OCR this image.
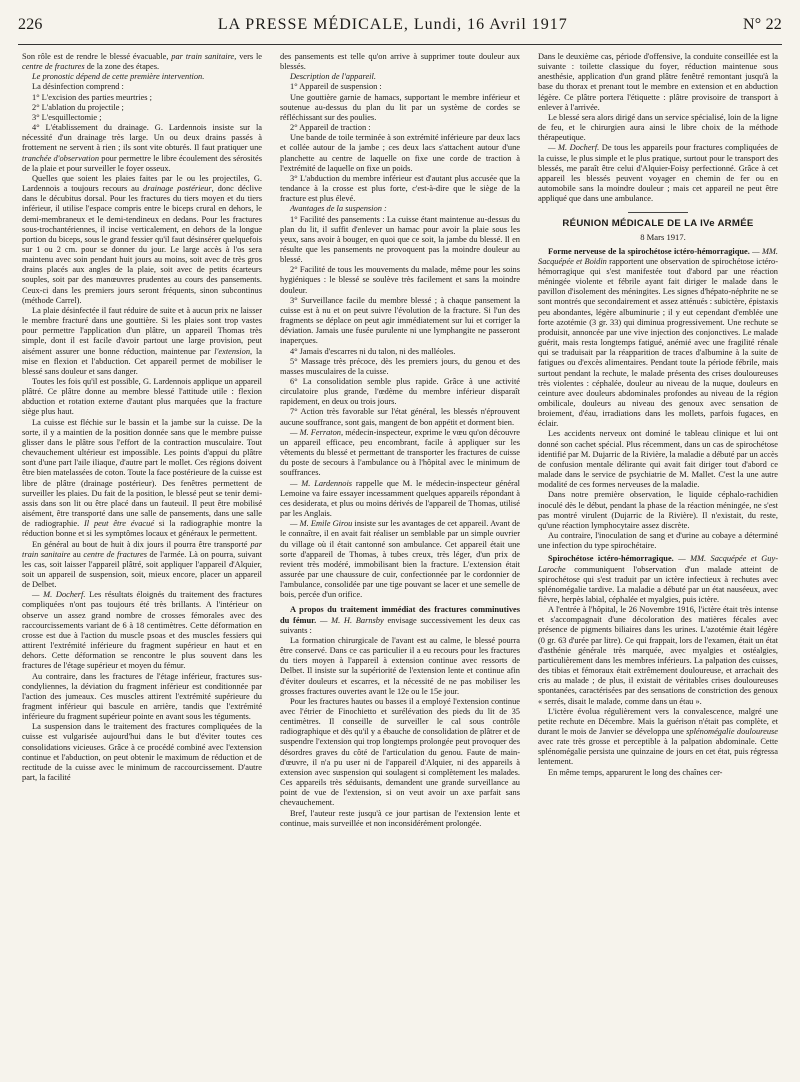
226	LA PRESSE MÉDICALE, Lundi, 16 Avril 1917	N° 22

Son rôle est de rendre le blessé évacuable, par train sanitaire, vers le centre de fractures de la zone des étapes.

Le pronostic dépend de cette première intervention.

La désinfection comprend :

1° L'excision des parties meurtries ;

2° L'ablation du projectile ;

3° L'esquillectomie ;

4° L'établissement du drainage. G. Lardennois insiste sur la nécessité d'un drainage très large. Un ou deux drains passés à frottement ne servent à rien ; ils sont vite obturés. Il faut pratiquer une tranchée d'observation pour permettre le libre écoulement des sérosités de la plaie et pour surveiller le foyer osseux.

Quelles que soient les plaies faites par le ou les projectiles, G. Lardennois a toujours recours au drainage postérieur, donc déclive dans le décubitus dorsal. Pour les fractures du tiers moyen et du tiers inférieur, il utilise l'espace compris entre le biceps crural en dehors, le demi-membraneux et le demi-tendineux en dedans. Pour les fractures sous-trochantériennes, il incise verticalement, en dehors de la longue portion du biceps, sous le grand fessier qu'il faut désinsérer quelquefois sur 1 ou 2 cm. pour se donner du jour. Le large accès à l'os sera maintenu avec soin pendant huit jours au moins, soit avec de très gros drains placés aux angles de la plaie, soit avec de petits écarteurs souples, soit par des manœuvres prudentes au cours des pansements. Ceux-ci dans les premiers jours seront fréquents, sinon subcontinus (méthode Carrel).

La plaie désinfectée il faut réduire de suite et à aucun prix ne laisser le membre fracturé dans une gouttière. Si les plaies sont trop vastes pour permettre l'application d'un plâtre, un appareil Thomas très simple, dont il est facile d'avoir partout une large provision, peut aisément assurer une bonne réduction, maintenue par l'extension, la mise en flexion et l'abduction. Cet appareil permet de mobiliser le blessé sans douleur et sans danger.

Toutes les fois qu'il est possible, G. Lardennois applique un appareil plâtré. Ce plâtre donne au membre blessé l'attitude utile : flexion abduction et rotation externe d'autant plus marquées que la fracture siège plus haut.

La cuisse est fléchie sur le bassin et la jambe sur la cuisse. De la sorte, il y a maintien de la position donnée sans que le membre puisse glisser dans le plâtre sous l'effort de la contraction musculaire. Tout chevauchement ultérieur est impossible. Les points d'appui du plâtre sont d'une part l'aile iliaque, d'autre part le mollet. Ces régions doivent être bien matelassées de coton. Toute la face postérieure de la cuisse est libre de plâtre (drainage postérieur). Des fenêtres permettent de surveiller les plaies. Du fait de la position, le blessé peut se tenir demi-assis dans son lit ou être placé dans un fauteuil. Il peut être mobilisé aisément, être transporté dans une salle de pansements, dans une salle de radiographie. Il peut être évacué si la radiographie montre la réduction bonne et si les symptômes locaux et généraux le permettent.

En général au bout de huit à dix jours il pourra être transporté par train sanitaire au centre de fractures de l'armée. Là on pourra, suivant les cas, soit laisser l'appareil plâtré, soit appliquer l'appareil d'Alquier, soit un appareil de suspension, soit, mieux encore, placer un appareil de Delbet.

— M. Docherf. Les résultats éloignés du traitement des fractures compliquées n'ont pas toujours été très brillants. A l'intérieur on observe un assez grand nombre de crosses fémorales avec des raccourcissements variant de 6 à 18 centimètres. Cette déformation en crosse est due à l'action du muscle psoas et des muscles fessiers qui attirent l'extrémité inférieure du fragment supérieur en haut et en dehors. Cette déformation se rencontre le plus souvent dans les fractures de l'étage supérieur et moyen du fémur.

Au contraire, dans les fractures de l'étage inférieur, fractures sus-condyliennes, la déviation du fragment inférieur est conditionnée par l'action des jumeaux. Ces muscles attirent l'extrémité supérieure du fragment inférieur qui bascule en arrière, tandis que l'extrémité inférieure du fragment supérieur pointe en avant sous les téguments.

La suspension dans le traitement des fractures compliquées de la cuisse est vulgarisée aujourd'hui dans le but d'éviter toutes ces consolidations vicieuses. Grâce à ce procédé combiné avec l'extension continue et l'abduction, on peut obtenir le maximum de réduction et de rectitude de la cuisse avec le minimum de raccourcissement. D'autre part, la facilité

des pansements est telle qu'on arrive à supprimer toute douleur aux blessés.

Description de l'appareil.

1° Appareil de suspension :

Une gouttière garnie de hamacs, supportant le membre inférieur et soutenue au-dessus du plan du lit par un système de cordes se réfléchissant sur des poulies.

2° Appareil de traction :

Une bande de toile terminée à son extrémité inférieure par deux lacs et collée autour de la jambe ; ces deux lacs s'attachent autour d'une planchette au centre de laquelle on fixe une corde de traction à l'extrémité de laquelle on fixe un poids.

3° L'abduction du membre inférieur est d'autant plus accusée que la tendance à la crosse est plus forte, c'est-à-dire que le siège de la fracture est plus élevé.

Avantages de la suspension :

1° Facilité des pansements : La cuisse étant maintenue au-dessus du plan du lit, il suffit d'enlever un hamac pour avoir la plaie sous les yeux, sans avoir à bouger, en quoi que ce soit, la jambe du blessé. Il en résulte que les pansements ne provoquent pas la moindre douleur au blessé.

2° Facilité de tous les mouvements du malade, même pour les soins hygiéniques : le blessé se soulève très facilement et sans la moindre douleur.

3° Surveillance facile du membre blessé ; à chaque pansement la cuisse est à nu et on peut suivre l'évolution de la fracture. Si l'un des fragments se déplace on peut agir immédiatement sur lui et corriger la déviation. Jamais une fusée purulente ni une lymphangite ne passeront inaperçues.

4° Jamais d'escarres ni du talon, ni des malléoles.

5° Massage très précoce, dès les premiers jours, du genou et des masses musculaires de la cuisse.

6° La consolidation semble plus rapide. Grâce à une activité circulatoire plus grande, l'œdème du membre inférieur disparaît rapidement, en deux ou trois jours.

7° Action très favorable sur l'état général, les blessés n'éprouvent aucune souffrance, sont gais, mangent de bon appétit et dorment bien.

— M. Ferraton, médecin-inspecteur, exprime le vœu qu'on découvre un appareil efficace, peu encombrant, facile à appliquer sur les vêtements du blessé et permettant de transporter les fractures de cuisse du poste de secours à l'ambulance ou à l'hôpital avec le minimum de souffrances.

— M. Lardennois rappelle que M. le médecin-inspecteur général Lemoine va faire essayer incessamment quelques appareils répondant à ces desiderata, et plus ou moins dérivés de l'appareil de Thomas, utilisé par les Anglais.

— M. Emile Girou insiste sur les avantages de cet appareil. Avant de le connaître, il en avait fait réaliser un semblable par un simple ouvrier du village où il était cantonné son ambulance. Cet appareil était une sorte d'appareil de Thomas, à tubes creux, très léger, d'un prix de revient très modéré, immobilisant bien la fracture. L'extension était assurée par une chaussure de cuir, confectionnée par le cordonnier de l'ambulance, consolidée par une tige pouvant se lacer et une semelle de bois, percée d'un orifice.

A propos du traitement immédiat des fractures comminutives du fémur. — M. H. Barnsby envisage successivement les deux cas suivants :

La formation chirurgicale de l'avant est au calme, le blessé pourra être conservé. Dans ce cas particulier il a eu recours pour les fractures du tiers moyen à l'appareil à extension continue avec ressorts de Delbet. Il insiste sur la supériorité de l'extension lente et continue afin d'éviter douleurs et escarres, et la nécessité de ne pas mobiliser les grosses fractures ouvertes avant le 12e ou le 15e jour.

Pour les fractures hautes ou basses il a employé l'extension continue avec l'étrier de Finochietto et surélévation des pieds du lit de 35 centimètres. Il conseille de surveiller le cal sous contrôle radiographique et dès qu'il y a ébauche de consolidation de plâtrer et de suspendre l'extension qui trop longtemps prolongée peut provoquer des désordres graves du côté de l'articulation du genou. Faute de main-d'œuvre, il n'a pu user ni de l'appareil d'Alquier, ni des appareils à extension avec suspension qui soulagent si complètement les malades. Ces appareils très séduisants, demandent une grande surveillance au point de vue de l'extension, si on veut avoir un axe parfait sans chevauchement.

Bref, l'auteur reste jusqu'à ce jour partisan de l'extension lente et continue, mais surveillée et non inconsidérément prolongée.

Dans le deuxième cas, période d'offensive, la conduite conseillée est la suivante : toilette classique du foyer, réduction maintenue sous anesthésie, application d'un grand plâtre fenêtré remontant jusqu'à la base du thorax et prenant tout le membre en extension et en abduction légère. Ce plâtre portera l'étiquette : plâtre provisoire de transport à enlever à l'arrivée.

Le blessé sera alors dirigé dans un service spécialisé, loin de la ligne de feu, et le chirurgien aura ainsi le libre choix de la méthode thérapeutique.

— M. Docherf. De tous les appareils pour fractures compliquées de la cuisse, le plus simple et le plus pratique, surtout pour le transport des blessés, me paraît être celui d'Alquier-Foisy perfectionné. Grâce à cet appareil les blessés peuvent voyager en chemin de fer ou en automobile sans la moindre douleur ; mais cet appareil ne peut être appliqué que dans une ambulance.

RÉUNION MÉDICALE DE LA IVe ARMÉE

8 Mars 1917.

Forme nerveuse de la spirochétose ictéro-hémorragique. — MM. Sacquépée et Boidin rapportent une observation de spirochétose ictéro-hémorragique qui s'est manifestée tout d'abord par une réaction méningée violente et fébrile ayant fait diriger le malade dans le pavillon d'isolement des méningites. Les signes d'hépato-néphrite ne se sont montrés que secondairement et assez atténués : subictère, épistaxis peu abondantes, légère albuminurie ; il y eut cependant d'emblée une forte azotémie (3 gr. 33) qui diminua progressivement. Une rechute se produisit, annoncée par une vive injection des conjonctives. Le malade guérit, mais resta longtemps fatigué, anémié avec une fragilité rénale qui se traduisait par la réapparition de traces d'albumine à la suite de fatigues ou d'excès alimentaires. Pendant toute la période fébrile, mais surtout pendant la rechute, le malade présenta des crises douloureuses très violentes : céphalée, douleur au niveau de la nuque, douleurs en ceinture avec douleurs abdominales profondes au niveau de la région ombilicale, douleurs au niveau des genoux avec sensation de broiement, d'éau, irradiations dans les mollets, parfois fugaces, en éclair.

Les accidents nerveux ont dominé le tableau clinique et lui ont donné son cachet spécial. Plus récemment, dans un cas de spirochétose identifié par M. Dujarric de la Rivière, la maladie a débuté par un accès de confusion mentale délirante qui avait fait diriger tout d'abord ce malade dans le service de psychiatrie de M. Mallet. C'est la une autre modalité de ces formes nerveuses de la maladie.

Dans notre première observation, le liquide céphalo-rachidien inoculé dès le début, pendant la phase de la réaction méningée, ne s'est pas montré virulent (Dujarric de la Rivière). Il n'existait, du reste, qu'une réaction lymphocytaire assez discrète.

Au contraire, l'inoculation de sang et d'urine au cobaye a déterminé une infection du type spirochétaire.

Spirochétose ictéro-hémorragique. — MM. Sacquépée et Guy-Laroche communiquent l'observation d'un malade atteint de spirochétose qui s'est traduit par un ictère infectieux à rechutes avec splénomégalie tardive. La maladie a débuté par un état nauséeux, avec fièvre, herpès labial, céphalée et myalgies, puis ictère.

A l'entrée à l'hôpital, le 26 Novembre 1916, l'ictère était très intense et s'accompagnait d'une décoloration des matières fécales avec présence de pigments biliaires dans les urines. L'azotémie était légère (0 gr. 63 d'urée par litre). Ce qui frappait, lors de l'examen, était un état d'asthénie générale très marquée, avec myalgies et ostéalgies, particulièrement dans les membres inférieurs. La palpation des cuisses, des tibias et fémoraux était extrêmement douloureuse, et arrachait des cris au malade ; de plus, il existait de véritables crises douloureuses spontanées, caractérisées par des sensations de constriction des genoux « serrés, disait le malade, comme dans un étau ».

L'ictère évolua régulièrement vers la convalescence, malgré une petite rechute en Décembre. Mais la guérison n'était pas complète, et durant le mois de Janvier se développa une splénomégalie douloureuse avec rate très grosse et perceptible à la palpation abdominale. Cette splénomégalie persista une quinzaine de jours en cet état, puis régressa lentement.

En même temps, apparurent le long des chaînes cer-
